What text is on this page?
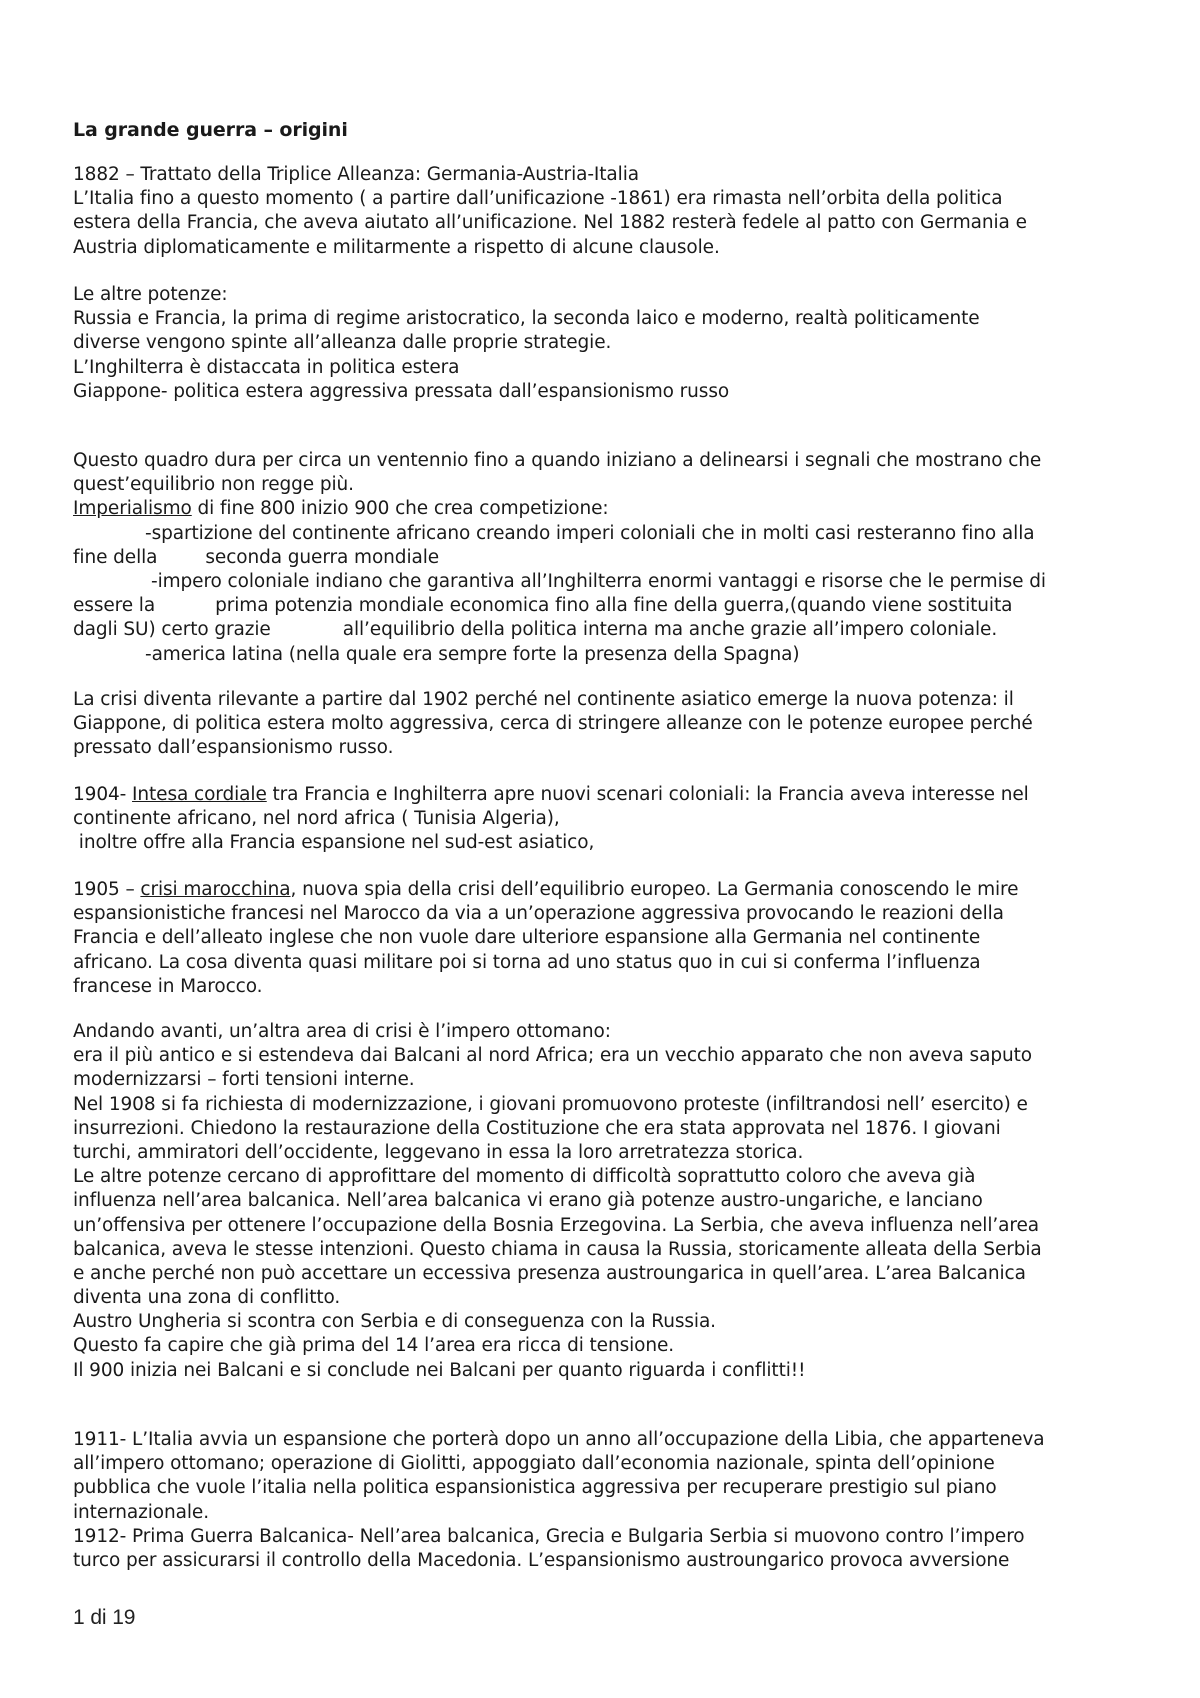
La grande guerra – origini
1882 – Trattato della Triplice Alleanza: Germania-Austria-Italia
L’Italia fino a questo momento ( a partire dall’unificazione -1861) era rimasta nell’orbita della politica
estera della Francia, che aveva aiutato all’unificazione. Nel 1882 resterà fedele al patto con Germania e
Austria diplomaticamente e militarmente a rispetto di alcune clausole.
Le altre potenze:
Russia e Francia, la prima di regime aristocratico, la seconda laico e moderno, realtà politicamente
diverse vengono spinte all’alleanza dalle proprie strategie.
L’Inghilterra è distaccata in politica estera
Giappone- politica estera aggressiva pressata dall’espansionismo russo
Questo quadro dura per circa un ventennio fino a quando iniziano a delinearsi i segnali che mostrano che
quest’equilibrio non regge più.
Imperialismo di fine 800 inizio 900 che crea competizione:
-spartizione del continente africano creando imperi coloniali che in molti casi resteranno fino alla
fine della	seconda guerra mondiale
-impero coloniale indiano che garantiva all’Inghilterra enormi vantaggi e risorse che le permise di
essere la	prima potenzia mondiale economica fino alla fine della guerra,(quando viene sostituita
dagli SU) certo grazie	all’equilibrio della politica interna ma anche grazie all’impero coloniale.
-america latina (nella quale era sempre forte la presenza della Spagna)
La crisi diventa rilevante a partire dal 1902 perché nel continente asiatico emerge la nuova potenza: il
Giappone, di politica estera molto aggressiva, cerca di stringere alleanze con le potenze europee perché
pressato dall’espansionismo russo.
1904- Intesa cordiale tra Francia e Inghilterra apre nuovi scenari coloniali: la Francia aveva interesse nel
continente africano, nel nord africa ( Tunisia Algeria),
inoltre offre alla Francia espansione nel sud-est asiatico,
1905 – crisi marocchina, nuova spia della crisi dell’equilibrio europeo. La Germania conoscendo le mire
espansionistiche francesi nel Marocco da via a un’operazione aggressiva provocando le reazioni della
Francia e dell’alleato inglese che non vuole dare ulteriore espansione alla Germania nel continente
africano. La cosa diventa quasi militare poi si torna ad uno status quo in cui si conferma l’influenza
francese in Marocco.
Andando avanti, un’altra area di crisi è l’impero ottomano:
era il più antico e si estendeva dai Balcani al nord Africa; era un vecchio apparato che non aveva saputo
modernizzarsi – forti tensioni interne.
Nel 1908 si fa richiesta di modernizzazione, i giovani promuovono proteste (infiltrandosi nell’ esercito) e
insurrezioni. Chiedono la restaurazione della Costituzione che era stata approvata nel 1876. I giovani
turchi, ammiratori dell’occidente, leggevano in essa la loro arretratezza storica.
Le altre potenze cercano di approfittare del momento di difficoltà soprattutto coloro che aveva già
influenza nell’area balcanica. Nell’area balcanica vi erano già potenze austro-ungariche, e lanciano
un’offensiva per ottenere l’occupazione della Bosnia Erzegovina. La Serbia, che aveva influenza nell’area
balcanica, aveva le stesse intenzioni. Questo chiama in causa la Russia, storicamente alleata della Serbia
e anche perché non può accettare un eccessiva presenza austroungarica in quell’area. L’area Balcanica
diventa una zona di conflitto.
Austro Ungheria si scontra con Serbia e di conseguenza con la Russia.
Questo fa capire che già prima del 14 l’area era ricca di tensione.
Il 900 inizia nei Balcani e si conclude nei Balcani per quanto riguarda i conflitti!!
1911- L’Italia avvia un espansione che porterà dopo un anno all’occupazione della Libia, che apparteneva
all’impero ottomano; operazione di Giolitti, appoggiato dall’economia nazionale, spinta dell’opinione
pubblica che vuole l’italia nella politica espansionistica aggressiva per recuperare prestigio sul piano
internazionale.
1912- Prima Guerra Balcanica- Nell’area balcanica, Grecia e Bulgaria Serbia si muovono contro l’impero
turco per assicurarsi il controllo della Macedonia. L’espansionismo austroungarico provoca avversione
1 di 19
